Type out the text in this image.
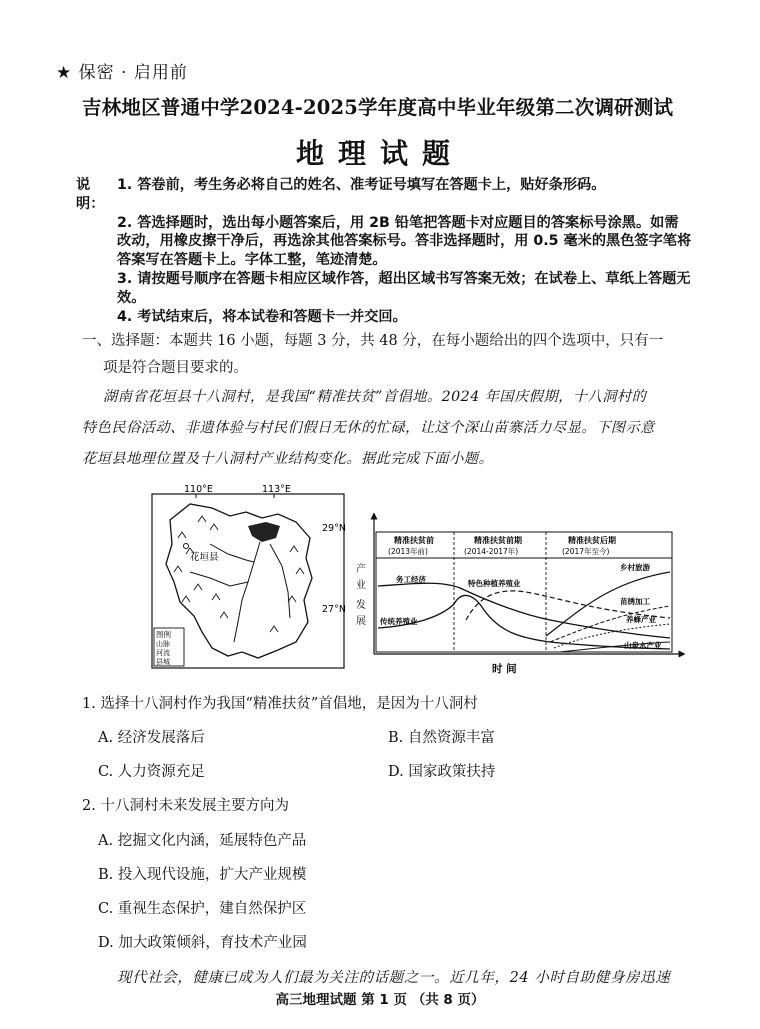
★ 保密 · 启用前
吉林地区普通中学2024-2025学年度高中毕业年级第二次调研测试
地理试题
说明：
1. 答卷前，考生务必将自己的姓名、准考证号填写在答题卡上，贴好条形码。
2. 答选择题时，选出每小题答案后，用 2B 铅笔把答题卡对应题目的答案标号涂黑。如需改动，用橡皮擦干净后，再选涂其他答案标号。答非选择题时，用 0.5 毫米的黑色签字笔将答案写在答题卡上。字体工整，笔迹清楚。
3. 请按题号顺序在答题卡相应区域作答，超出区域书写答案无效；在试卷上、草纸上答题无效。
4. 考试结束后，将本试卷和答题卡一并交回。
一、选择题：本题共 16 小题，每题 3 分，共 48 分，在每小题给出的四个选项中，只有一
项是符合题目要求的。

湖南省花垣县十八洞村，是我国“精准扶贫”首倡地。2024 年国庆假期，十八洞村的

特色民俗活动、非遗体验与村民们假日无休的忙碌，让这个深山苗寨活力尽显。下图示意

花垣县地理位置及十八洞村产业结构变化。据此完成下面小题。

110°E	113°E
29°N
27°N
花垣县
图例
山脉
河流
县城
产
业
发
展
时 间
精准扶贫前
(2013年前)
精准扶贫前期
(2014-2017年)
精准扶贫后期
(2017年至今)
务工经济
传统养殖业
特色种植养殖业
乡村旅游
苗绣加工
养蜂产业
山泉水产业
1. 选择十八洞村作为我国“精准扶贫”首倡地，是因为十八洞村
A. 经济发展落后	B. 自然资源丰富
C. 人力资源充足	D. 国家政策扶持
2. 十八洞村未来发展主要方向为
A. 挖掘文化内涵，延展特色产品
B. 投入现代设施，扩大产业规模
C. 重视生态保护，建自然保护区
D. 加大政策倾斜，育技术产业园
现代社会，健康已成为人们最为关注的话题之一。近几年，24 小时自助健身房迅速
高三地理试题 第 1 页 （共 8 页）
